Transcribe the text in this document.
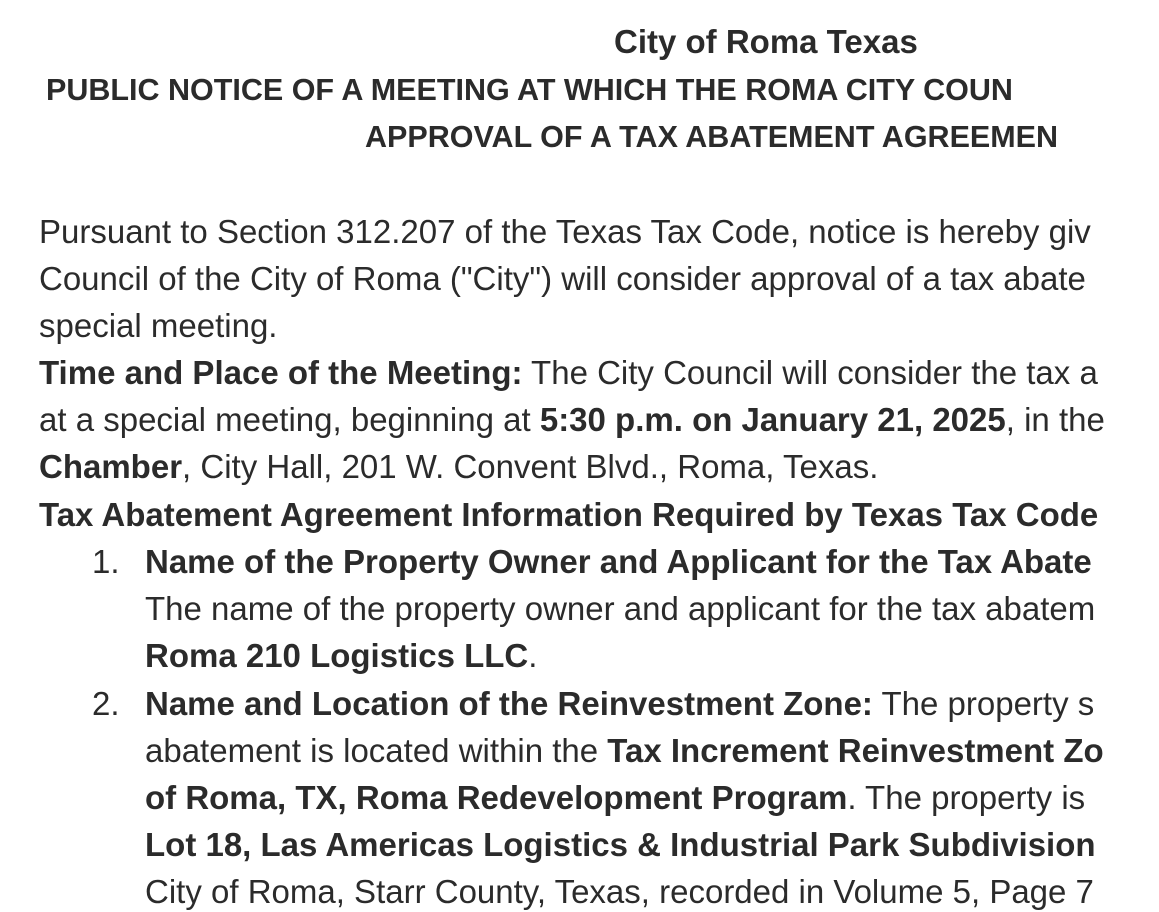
City of Roma Texas
PUBLIC NOTICE OF A MEETING AT WHICH THE ROMA CITY COUN
APPROVAL OF A TAX ABATEMENT AGREEMEN
Pursuant to Section 312.207 of the Texas Tax Code, notice is hereby giv
Council of the City of Roma ("City") will consider approval of a tax abate
special meeting.
Time and Place of the Meeting: The City Council will consider the tax a
at a special meeting, beginning at 5:30 p.m. on January 21, 2025, in the
Chamber, City Hall, 201 W. Convent Blvd., Roma, Texas.
Tax Abatement Agreement Information Required by Texas Tax Code
1. Name of the Property Owner and Applicant for the Tax Abate
The name of the property owner and applicant for the tax abatem
Roma 210 Logistics LLC.
2. Name and Location of the Reinvestment Zone: The property s
abatement is located within the Tax Increment Reinvestment Zo
of Roma, TX, Roma Redevelopment Program. The property is
Lot 18, Las Americas Logistics & Industrial Park Subdivision
City of Roma, Starr County, Texas, recorded in Volume 5, Page 7
